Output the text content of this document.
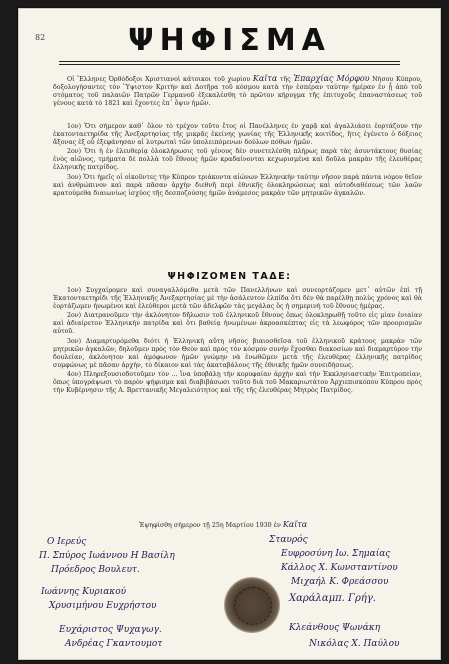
82	ΨΗΦΙΣΜΑ

Οἱ Ἕλληνες Ὀρθόδοξοι Χριστιανοὶ κάτοικοι τοῦ χωρίου Καῖτα τῆς Ἐπαρχίας Μόρφου Νήσου Κύπρου, δοξολογήσαντες τὸν Ὕψιστον Κριτὴν καὶ Δοτῆρα τοῦ κόσμου κατὰ τὴν ἑσπέραν ταύτην ἡμέραν ἐν ᾗ ἀπὸ τοῦ στόματος τοῦ παλαιῶν Πατρῶν Γερμανοῦ ἐξεκαλέσθη τὸ πρῶτον κήρυγμα τῆς ἐπιτυχοῦς ἐπαναστάσεως τοῦ γένους κατὰ τὸ 1821 καὶ ἔχοντες ἐπ᾽ ὄψιν ἡμῶν.

1ον) Ὅτι σήμερον καθ᾽ ὅλον τὸ τρέχον τοῦτο ἔτος οἱ Πανέλληνες ἐν χαρᾷ καὶ ἀγαλλιάσει ἑορτάζουν τὴν ἑκατονταετηρίδα τῆς Ἀνεξαρτησίας τῆς μικρᾶς ἐκείνης γωνίας τῆς Ἑλληνικῆς κοιτίδος, ἥτις ἐγένετο ὁ δόξειος ἄξονας ἐξ οὗ ἐξεφάνησαν αἱ λυτρωταὶ τῶν ὑπολειπόμενων δούλων πόθων ἡμῶν.

2ον) Ὅτι ἡ ἐν ἐλευθερίᾳ ὁλοκλήρωσις τοῦ γένους δὲν συνετελέσθη πλήρως παρὰ τὰς ἀσυντάκτους θυσίας ἑνὸς αἰῶνος, τμήματα δὲ πολλὰ τοῦ ἔθνους ἡμῶν κραδαίνονται κεχωρισμένα καὶ δοῦλα μακρὰν τῆς ἐλευθέρας ἑλληνικῆς πατρίδος.

3ον) Ὅτι ἡμεῖς οἱ οἰκοῦντες τὴν Κύπρον τριάκοντα αἰώνων Ἑλληνικὴν ταύτην νῆσον παρὰ πάντα νόμον θεῖον καὶ ἀνθρώπινον καὶ παρὰ πᾶσαν ἀρχὴν διεθνῆ περὶ ἐθνικῆς ὁλοκληρώσεως καὶ αὐτοδιαθέσεως τῶν λαῶν κρατούμεθα διαιωνίως ἰσχύος τῆς δεσποζούσης ἡμῶν ἀνάμεσος μακρὰν τῶν μητρικῶν ἀγκαλῶν.

ΨΗΦΙΖΟΜΕΝ ΤΑΔΕ:

1ον) Συγχαίρομεν καὶ συναγαλλόμεθα μετὰ τῶν Πανελλήνων καὶ συνεορτάζομεν μετ᾽ αὐτῶν ἐπὶ τῇ Ἑκατονταετηρίδι τῆς Ἑλληνικῆς Ἀνεξαρτησίας μὲ τὴν ἀσάλευτον ἐλπίδα ὅτι δὲν θὰ παρέλθῃ πολὺς χρόνος καὶ θὰ ἑορτάζωμεν ἡνωμένοι καὶ ἐλεύθεροι μετὰ τῶν ἀδελφῶν τὰς μεγάλας ὅς ἡ σημερινὴ τοῦ ἔθνους ἡμέρας.

2ον) Διατρανοῦμεν τὴν ἀκλόνητον δῆλωσιν τοῦ ἑλληνικοῦ ἔθνους ὅπως ὁλοκληρωθῇ τοῦτο εἰς μίαν ἑνιαίαν καὶ ἀδιαίρετον Ἑλληνικὴν πατρίδα καὶ ὅτι βαθείᾳ ἡνωμένων ἀκροασκέπτας εἰς τὰ λεωφόρος τῶν προορισμῶν αὐτοῦ.

3ον) Διαμαρτυρόμεθα διότι ἡ Ἑλληνικὴ αὕτη νῆσος βιαιοσθεῖσα τοῦ ἑλληνικοῦ κράτους μακρὰν τῶν μητρικῶν ἀγκαλῶν, δηλοῦμεν πρὸς τὸν Θεὸν καὶ πρὸς τὸν κόσμον συνήν ἔχοσθαι διακοσίων καὶ διαμαρτύρον τὴν δουλείαν, ἀκλόνητον καὶ ἀμόφωνον ἡμῶν γνώμην νὰ ἑνωθῶμεν μετὰ τῆς ἐλευθέρας ἑλληνικῆς πατρίδος συμφώνως μὲ πᾶσαν ἀρχήν, τὸ δίκαιον καὶ τὰς ἀκαταβάλους τῆς ἐθνικῆς ἡμῶν συνειδήσεως.

4ον) Πληρεξουσιοδοτοῦμεν τὸν ... ἵνα ὑποβάλῃ τὴν κορυφαίαν ἀρχὴν καὶ τὴν Ἐκκλησιαστικὴν Ἐπιτροπείαν, ὅπως ὑπογράψωσι τὸ παρὸν ψήφισμα καὶ διαβιβάσωσι τοῦτο διὰ τοῦ Μακαριωτάτου Ἀρχιεπισκόπου Κύπρου πρὸς τὴν Κυβέρνησιν τῆς Α. Βρεττανικῆς Μεγαλειότητος καὶ τῆς τῆς ἐλευθέρας Μητρὸς Πατρίδος.

Ἐψηφίσθη σήμερον τῇ 25η Μαρτίου 1930 ἐν Καῖτα
Ο Ιερεύς
Π. Σπύρος Ιωάννου Η Βασίλη
Πρόεδρος Βουλευτ.
Ιωάννης Κυριακού
Χρυσιμήνου Ευχρήστου
Ευχάριστος Ψυχαγωγ.
Ανδρέας Γκαντουμοτ
Σταυρός
Ευφροσύνη Ιω. Σημαίας
Κάλλος Χ. Κωνσταντίνου
Μιχαήλ Κ. Φρεάσσου
Χαράλαμπ. Γρήγ.
Κλεάνθους Ψωνάκη
Νικόλας Χ. Παύλου
